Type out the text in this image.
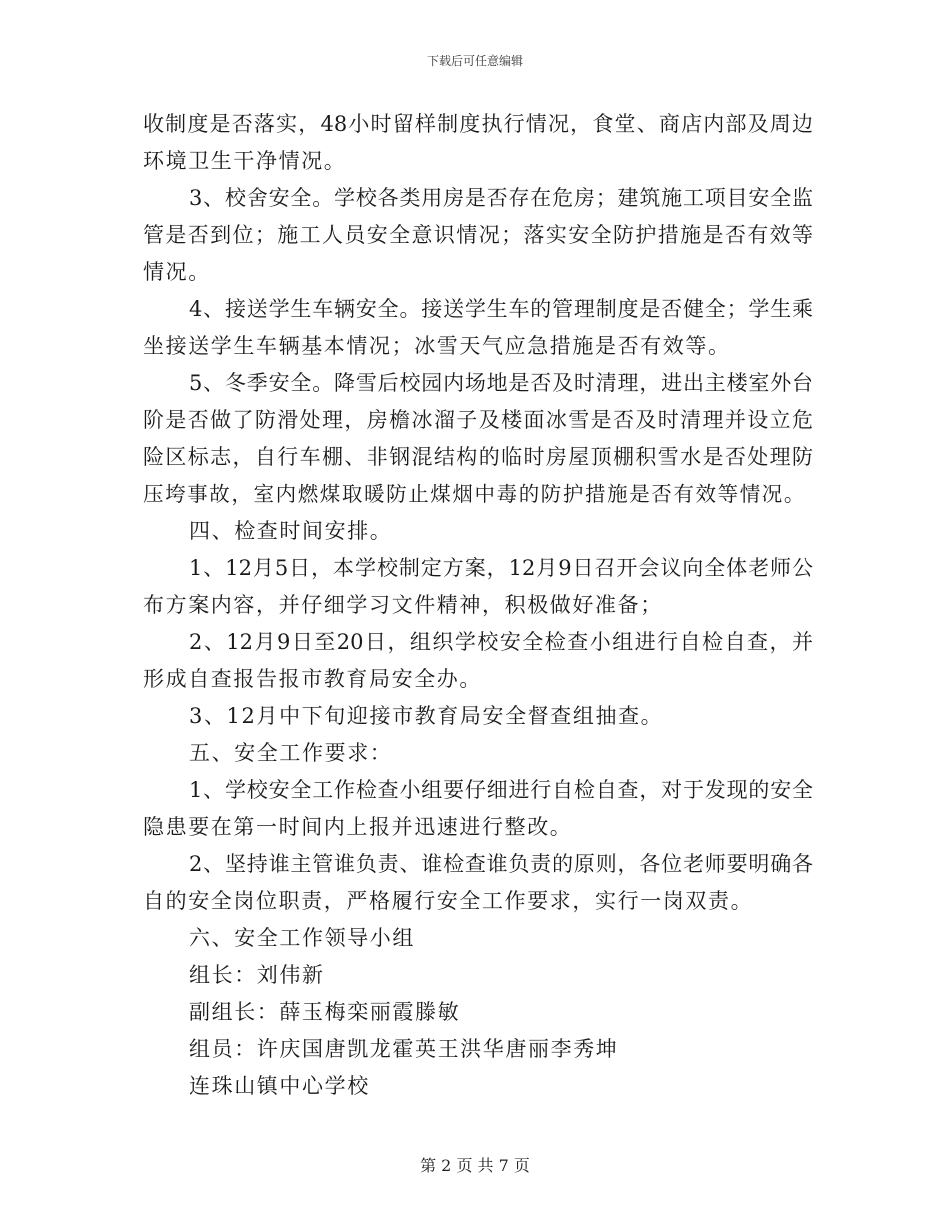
下载后可任意编辑
收制度是否落实，48小时留样制度执行情况，食堂、商店内部及周边
环境卫生干净情况。
3、校舍安全。学校各类用房是否存在危房；建筑施工项目安全监
管是否到位；施工人员安全意识情况；落实安全防护措施是否有效等
情况。
4、接送学生车辆安全。接送学生车的管理制度是否健全；学生乘
坐接送学生车辆基本情况；冰雪天气应急措施是否有效等。
5、冬季安全。降雪后校园内场地是否及时清理，进出主楼室外台
阶是否做了防滑处理，房檐冰溜子及楼面冰雪是否及时清理并设立危
险区标志，自行车棚、非钢混结构的临时房屋顶棚积雪水是否处理防
压垮事故，室内燃煤取暖防止煤烟中毒的防护措施是否有效等情况。
四、检查时间安排。
1、12月5日，本学校制定方案，12月9日召开会议向全体老师公
布方案内容，并仔细学习文件精神，积极做好准备；
2、12月9日至20日，组织学校安全检查小组进行自检自查，并
形成自查报告报市教育局安全办。
3、12月中下旬迎接市教育局安全督查组抽查。
五、安全工作要求：
1、学校安全工作检查小组要仔细进行自检自查，对于发现的安全
隐患要在第一时间内上报并迅速进行整改。
2、坚持谁主管谁负责、谁检查谁负责的原则，各位老师要明确各
自的安全岗位职责，严格履行安全工作要求，实行一岗双责。
六、安全工作领导小组
组长：刘伟新
副组长：薛玉梅栾丽霞滕敏
组员：许庆国唐凯龙霍英王洪华唐丽李秀坤
连珠山镇中心学校
第 2 页 共 7 页
